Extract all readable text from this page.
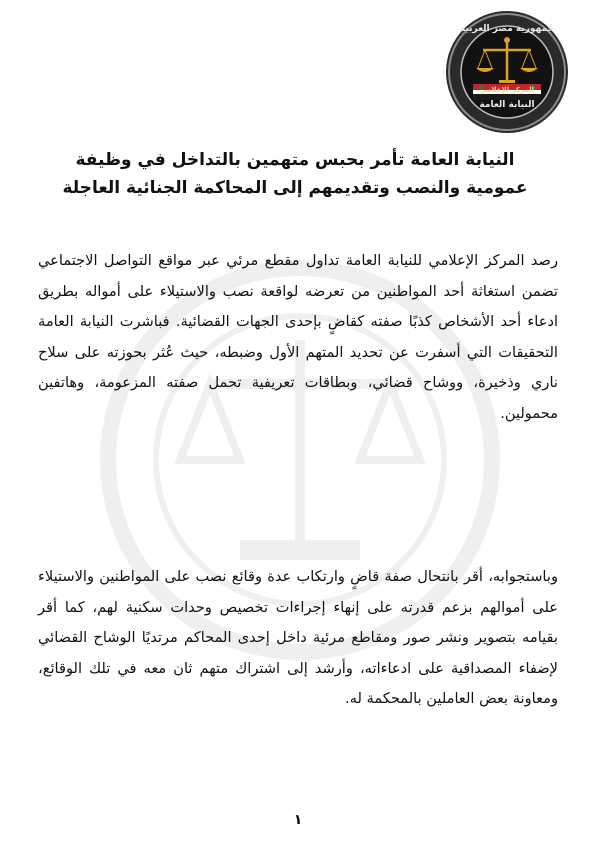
جمهورية مصر العربية
المركز الإعلامي
النيابة العامة
النيابة العامة تأمر بحبس متهمين بالتداخل في وظيفة عمومية والنصب وتقديمهم إلى المحاكمة الجنائية العاجلة

رصد المركز الإعلامي للنيابة العامة تداول مقطع مرئي عبر مواقع التواصل الاجتماعي تضمن استغاثة أحد المواطنين من تعرضه لواقعة نصب والاستيلاء على أمواله بطريق ادعاء أحد الأشخاص كذبًا صفته كقاضٍ بإحدى الجهات القضائية. فباشرت النيابة العامة التحقيقات التي أسفرت عن تحديد المتهم الأول وضبطه، حيث عُثر بحوزته على سلاح ناري وذخيرة، ووشاح قضائي، وبطاقات تعريفية تحمل صفته المزعومة، وهاتفين محمولين.

وباستجوابه، أقر بانتحال صفة قاضٍ وارتكاب عدة وقائع نصب على المواطنين والاستيلاء على أموالهم بزعم قدرته على إنهاء إجراءات تخصيص وحدات سكنية لهم، كما أقر بقيامه بتصوير ونشر صور ومقاطع مرئية داخل إحدى المحاكم مرتديًا الوشاح القضائي لإضفاء المصداقية على ادعاءاته، وأرشد إلى اشتراك متهم ثان معه في تلك الوقائع، ومعاونة بعض العاملين بالمحكمة له.

١
